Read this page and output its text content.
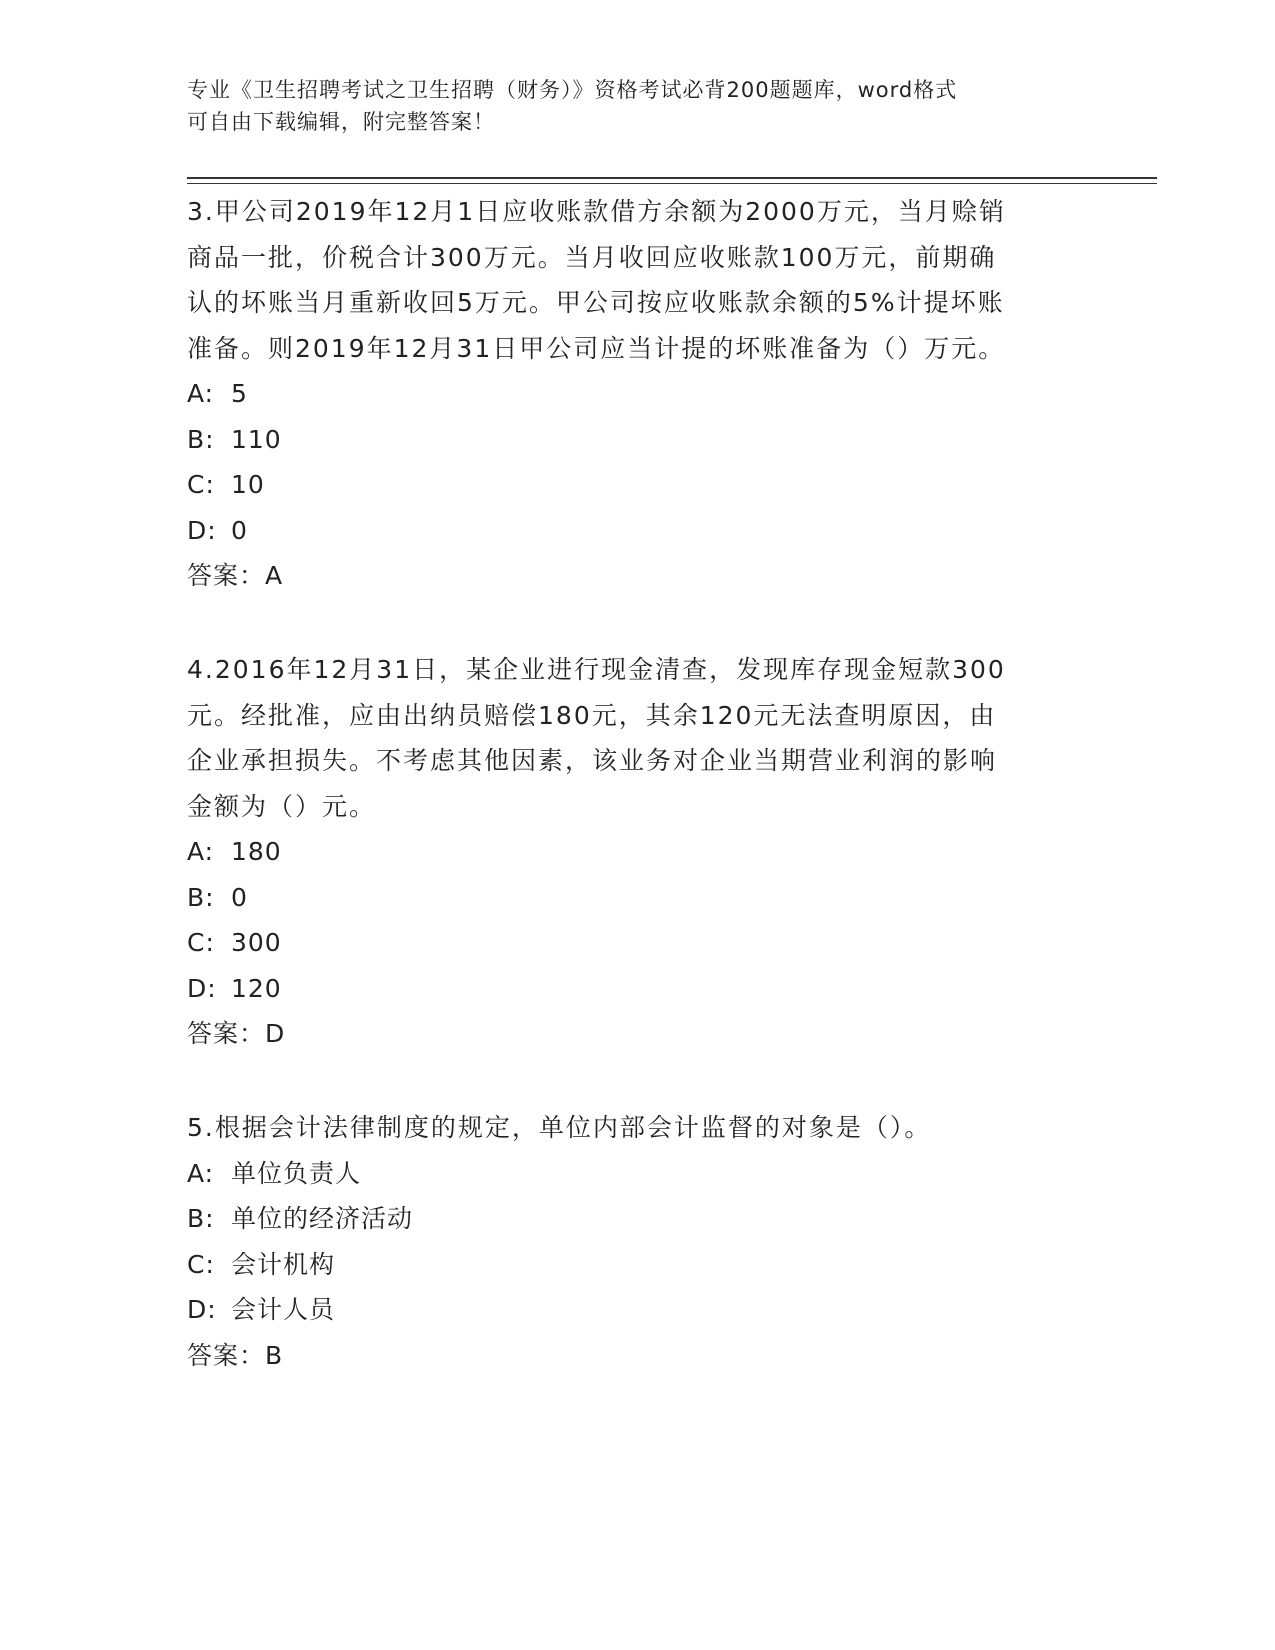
专业《卫生招聘考试之卫生招聘（财务）》资格考试必背200题题库，word格式
可自由下载编辑，附完整答案！
3.甲公司2019年12月1日应收账款借方余额为2000万元，当月赊销
商品一批，价税合计300万元。当月收回应收账款100万元，前期确
认的坏账当月重新收回5万元。甲公司按应收账款余额的5%计提坏账
准备。则2019年12月31日甲公司应当计提的坏账准备为（）万元。
A: 5
B: 110
C: 10
D: 0
答案：A
4.2016年12月31日，某企业进行现金清查，发现库存现金短款300
元。经批准，应由出纳员赔偿180元，其余120元无法查明原因，由
企业承担损失。不考虑其他因素，该业务对企业当期营业利润的影响
金额为（）元。
A: 180
B: 0
C: 300
D: 120
答案：D
5.根据会计法律制度的规定，单位内部会计监督的对象是（）。
A: 单位负责人
B: 单位的经济活动
C: 会计机构
D: 会计人员
答案：B
